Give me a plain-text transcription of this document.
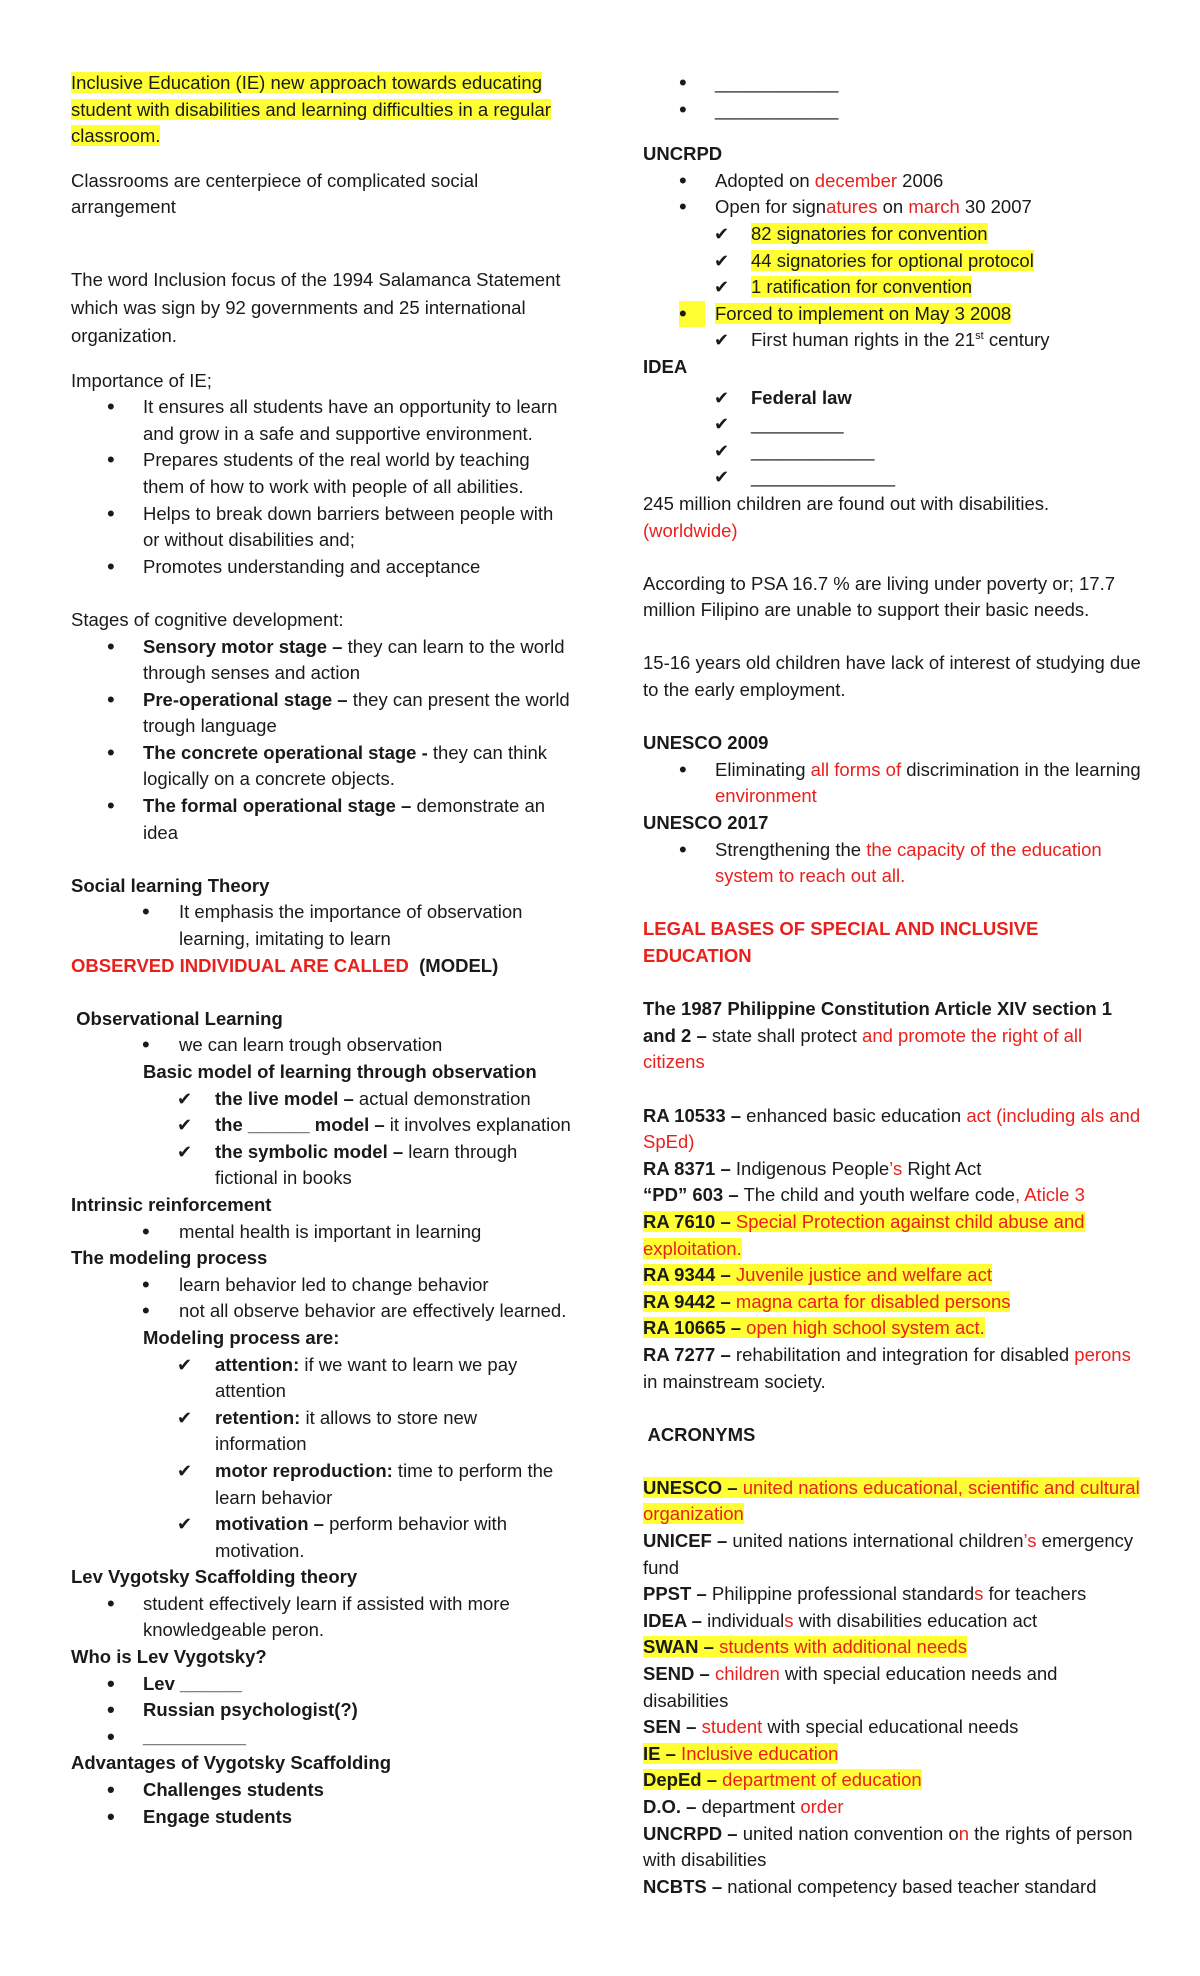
Inclusive Education (IE) new approach towards educating student with disabilities and learning difficulties in a regular classroom.

Classrooms are centerpiece of complicated social arrangement

The word Inclusion focus of the 1994 Salamanca Statement which was sign by 92 governments and 25 international organization.

Importance of IE;

• It ensures all students have an opportunity to learn and grow in a safe and supportive environment.
• Prepares students of the real world by teaching them of how to work with people of all abilities.
• Helps to break down barriers between people with or without disabilities and;
• Promotes understanding and acceptance

Stages of cognitive development:

• Sensory motor stage – they can learn to the world through senses and action
• Pre-operational stage – they can present the world trough language
• The concrete operational stage - they can think logically on a concrete objects.
• The formal operational stage – demonstrate an idea

Social learning Theory

• It emphasis the importance of observation learning, imitating to learn

OBSERVED INDIVIDUAL ARE CALLED  (MODEL)

Observational Learning

• we can learn trough observation

Basic model of learning through observation

✔ the live model – actual demonstration
✔ the ______ model – it involves explanation
✔ the symbolic model – learn through fictional in books

Intrinsic reinforcement

• mental health is important in learning

The modeling process

• learn behavior led to change behavior
• not all observe behavior are effectively learned.

Modeling process are:

✔ attention: if we want to learn we pay attention
✔ retention: it allows to store new information
✔ motor reproduction: time to perform the learn behavior
✔ motivation – perform behavior with motivation.

Lev Vygotsky Scaffolding theory

• student effectively learn if assisted with more knowledgeable peron.

Who is Lev Vygotsky?

• Lev ______
• Russian psychologist(?)
• __________

Advantages of Vygotsky Scaffolding

• Challenges students
• Engage students
• ____________
• ____________

UNCRPD

• Adopted on december 2006
• Open for signatures on march 30 2007
✔ 82 signatories for convention
✔ 44 signatories for optional protocol
✔ 1 ratification for convention
•	Forced to implement on May 3 2008
✔ First human rights in the 21st century

IDEA

✔ Federal law
✔ _________
✔ ____________
✔ ______________

245 million children are found out with disabilities.
(worldwide)

According to PSA 16.7 % are living under poverty or; 17.7 million Filipino are unable to support their basic needs.

15-16 years old children have lack of interest of studying due to the early employment.

UNESCO 2009

• Eliminating all forms of discrimination in the learning environment

UNESCO 2017

• Strengthening the the capacity of the education system to reach out all.

LEGAL BASES OF SPECIAL AND INCLUSIVE EDUCATION

The 1987 Philippine Constitution Article XIV section 1 and 2 – state shall protect and promote the right of all citizens

RA 10533 – enhanced basic education act (including als and SpEd)

RA 8371 – Indigenous People’s Right Act

“PD” 603 – The child and youth welfare code, Aticle 3

RA 7610 – Special Protection against child abuse and exploitation.

RA 9344 – Juvenile justice and welfare act

RA 9442 – magna carta for disabled persons

RA 10665 – open high school system act.

RA 7277 – rehabilitation and integration for disabled perons in mainstream society.

ACRONYMS

UNESCO – united nations educational, scientific and cultural organization

UNICEF – united nations international children’s emergency fund

PPST – Philippine professional standards for teachers

IDEA – individuals with disabilities education act

SWAN – students with additional needs

SEND – children with special education needs and disabilities

SEN – student with special educational needs

IE – Inclusive education

DepEd – department of education

D.O. – department order

UNCRPD – united nation convention on the rights of person with disabilities

NCBTS – national competency based teacher standard
